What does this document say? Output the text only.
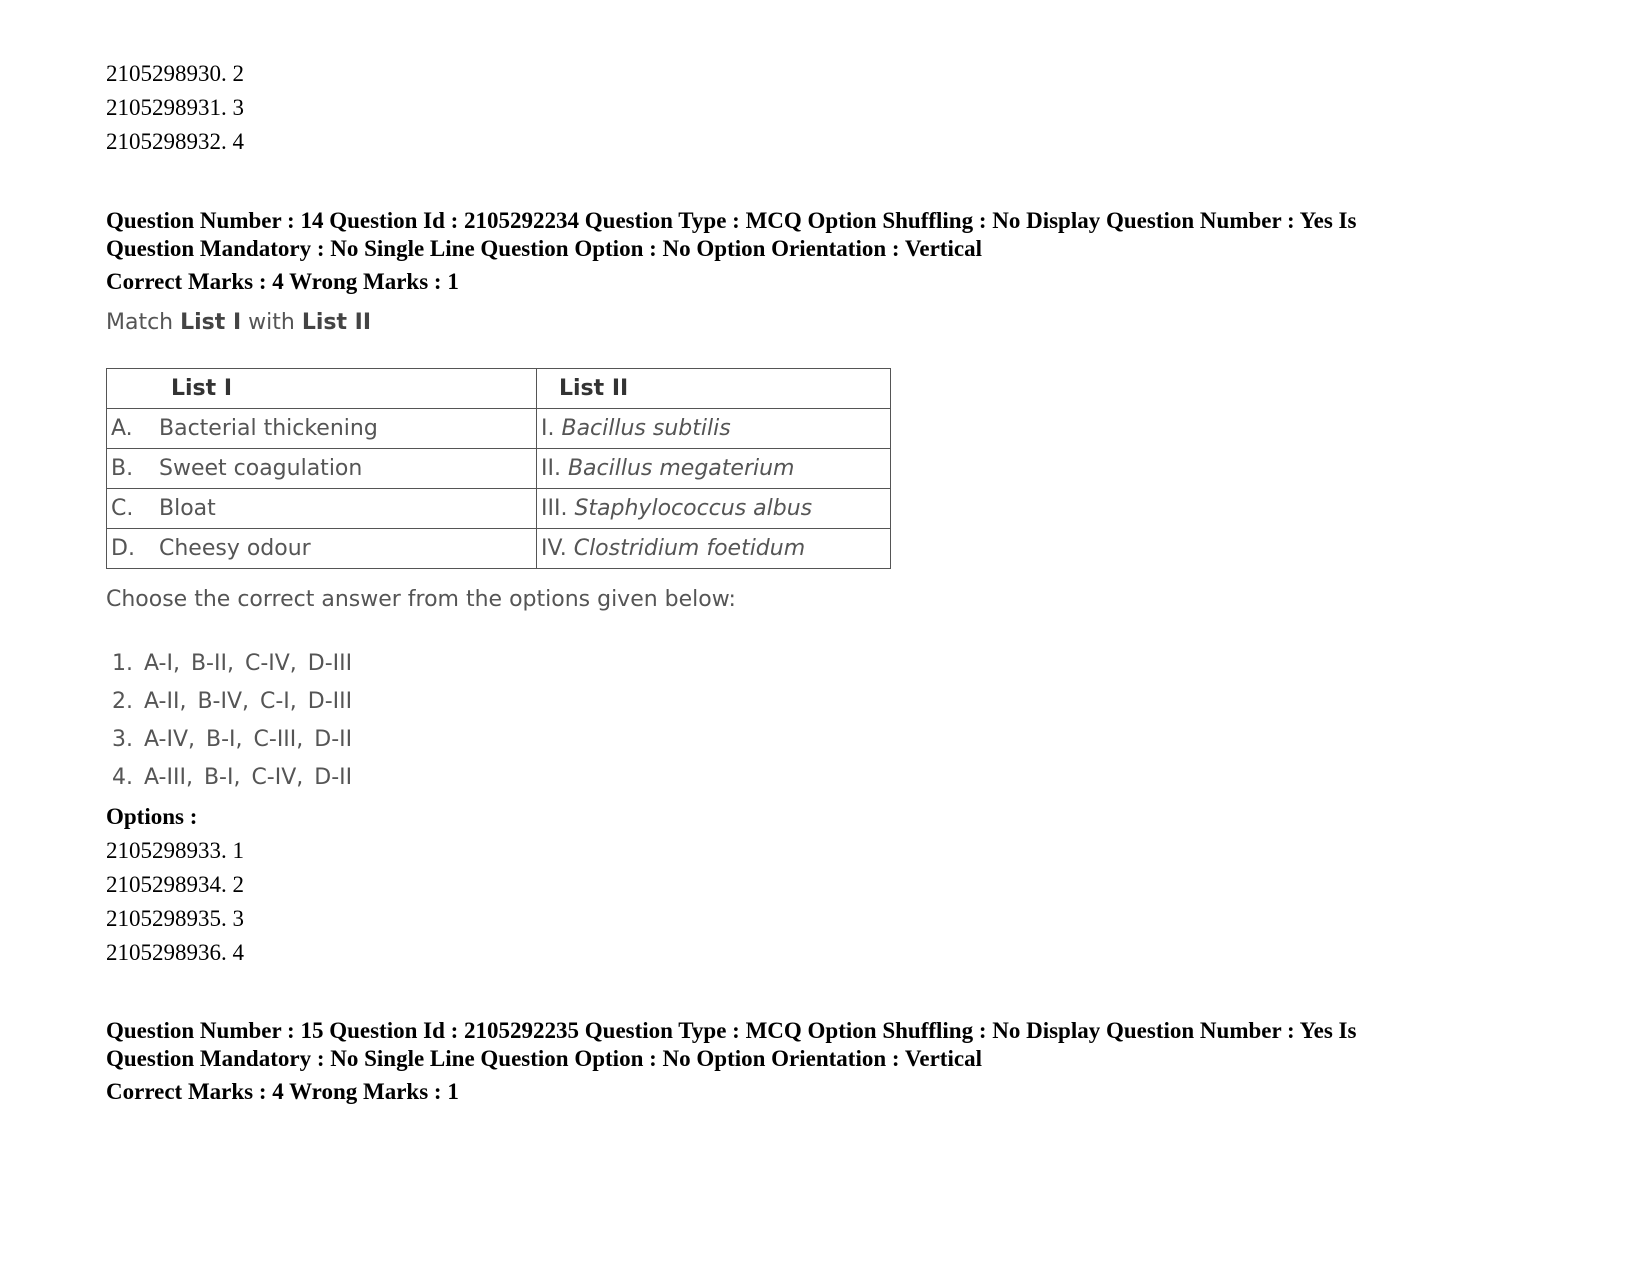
2105298930. 2
2105298931. 3
2105298932. 4
Question Number : 14 Question Id : 2105292234 Question Type : MCQ Option Shuffling : No Display Question Number : Yes Is
Question Mandatory : No Single Line Question Option : No Option Orientation : Vertical
Correct Marks : 4 Wrong Marks : 1
Match List I with List II
List I	List II
A. Bacterial thickening	I. Bacillus subtilis
B. Sweet coagulation	II. Bacillus megaterium
C. Bloat	III. Staphylococcus albus
D. Cheesy odour	IV. Clostridium foetidum
Choose the correct answer from the options given below:
1. A-I, B-II, C-IV, D-III
2. A-II, B-IV, C-I, D-III
3. A-IV, B-I, C-III, D-II
4. A-III, B-I, C-IV, D-II
Options :
2105298933. 1
2105298934. 2
2105298935. 3
2105298936. 4
Question Number : 15 Question Id : 2105292235 Question Type : MCQ Option Shuffling : No Display Question Number : Yes Is
Question Mandatory : No Single Line Question Option : No Option Orientation : Vertical
Correct Marks : 4 Wrong Marks : 1
